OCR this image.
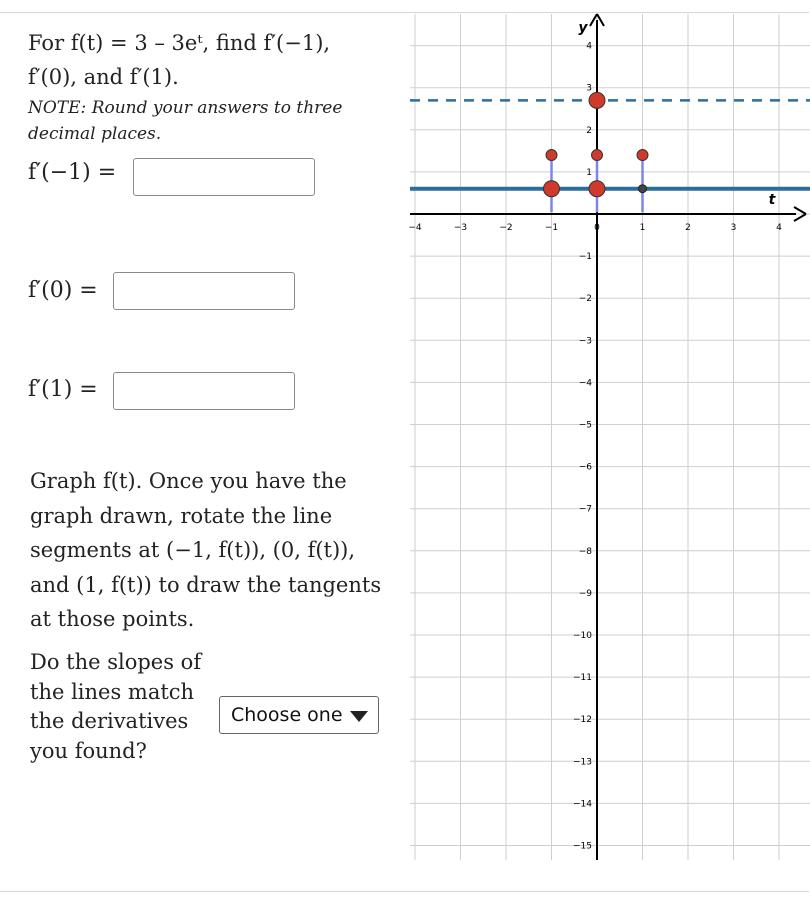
For f(t) = 3 – 3eᵗ, find f′(−1),
f′(0), and f′(1).
NOTE: Round your answers to three
decimal places.
f′(−1) =
f′(0) =
f′(1) =
Graph f(t). Once you have the
graph drawn, rotate the line
segments at (−1, f(t)), (0, f(t)),
and (1, f(t)) to draw the tangents
at those points.
Do the slopes of
the lines match
the derivatives
you found?
Choose one
t
y
−4	−3	−2	−1	0	1	2	3	4
4
3
2
1
−1
−2
−3
−4
−5
−6
−7
−8
−9
−10
−11
−12
−13
−14
−15
